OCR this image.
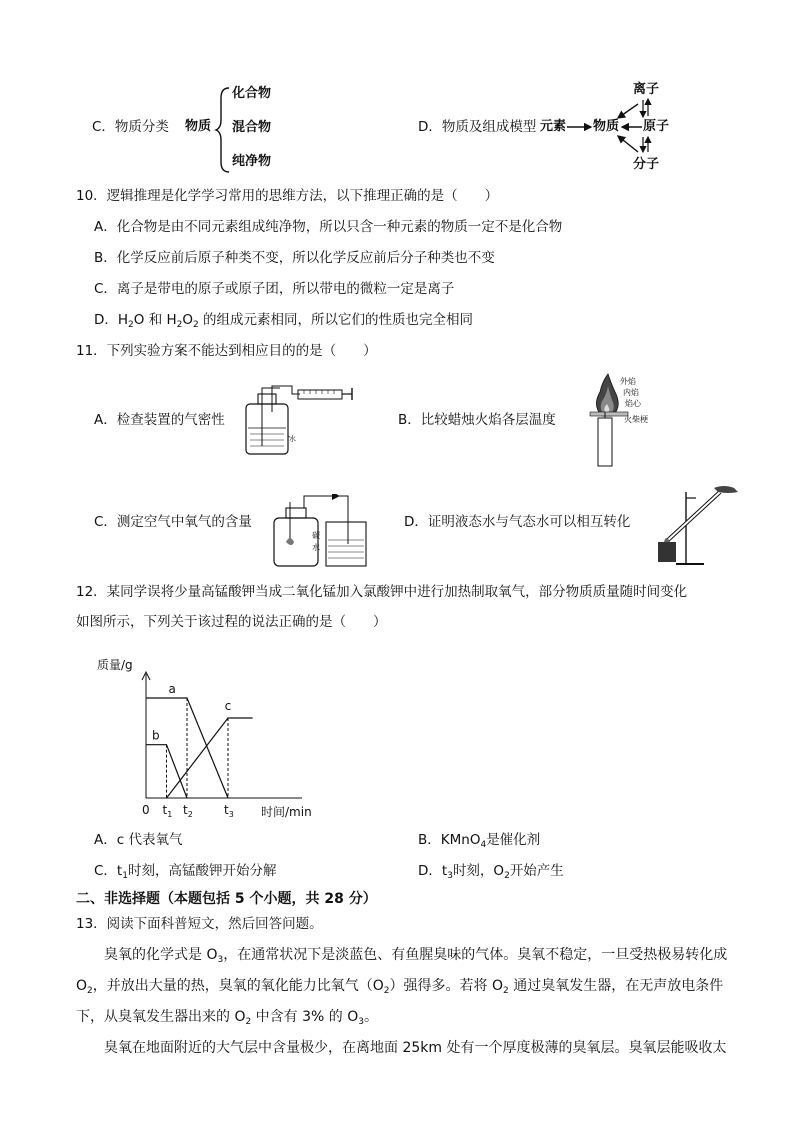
C．物质分类 物质
化合物
混合物
纯净物
D．物质及组成模型 元素 物质
离子
原子
分子
10．逻辑推理是化学学习常用的思维方法，以下推理正确的是（　　）
A．化合物是由不同元素组成纯净物，所以只含一种元素的物质一定不是化合物
B．化学反应前后原子种类不变，所以化学反应前后分子种类也不变
C．离子是带电的原子或原子团，所以带电的微粒一定是离子
D．$H_2O$ 和 $H_2O_2$ 的组成元素相同，所以它们的性质也完全相同
11．下列实验方案不能达到相应目的的是（　　）
A．检查装置的气密性
水
B．比较蜡烛火焰各层温度
外焰
内焰
焰心
火柴梗
C．测定空气中氧气的含量
碳
水
D．证明液态水与气态水可以相互转化
12．某同学误将少量高锰酸钾当成二氧化锰加入氯酸钾中进行加热制取氧气，部分物质质量随时间变化
如图所示，下列关于该过程的说法正确的是（　　）
质量/g
时间/min
a
b
c
0 $t_1$ $t_2$	$t_3$
A．c 代表氧气	B．KMnO$_4$是催化剂
C．$t_1$时刻，高锰酸钾开始分解	D．$t_3$时刻，$O_2$开始产生
二、非选择题（本题包括 5 个小题，共 28 分）
13．阅读下面科普短文，然后回答问题。
臭氧的化学式是 $O_3$，在通常状况下是淡蓝色、有鱼腥臭味的气体。臭氧不稳定，一旦受热极易转化成 $O_2$，并放出大量的热，臭氧的氧化能力比氧气$(O_2)$强得多。若将 $O_2$ 通过臭氧发生器，在无声放电条件下，从臭氧发生器出来的 $O_2$ 中含有 3% 的 $O_3$。
臭氧在地面附近的大气层中含量极少，在离地面 25km 处有一个厚度极薄的臭氧层。臭氧层能吸收太
